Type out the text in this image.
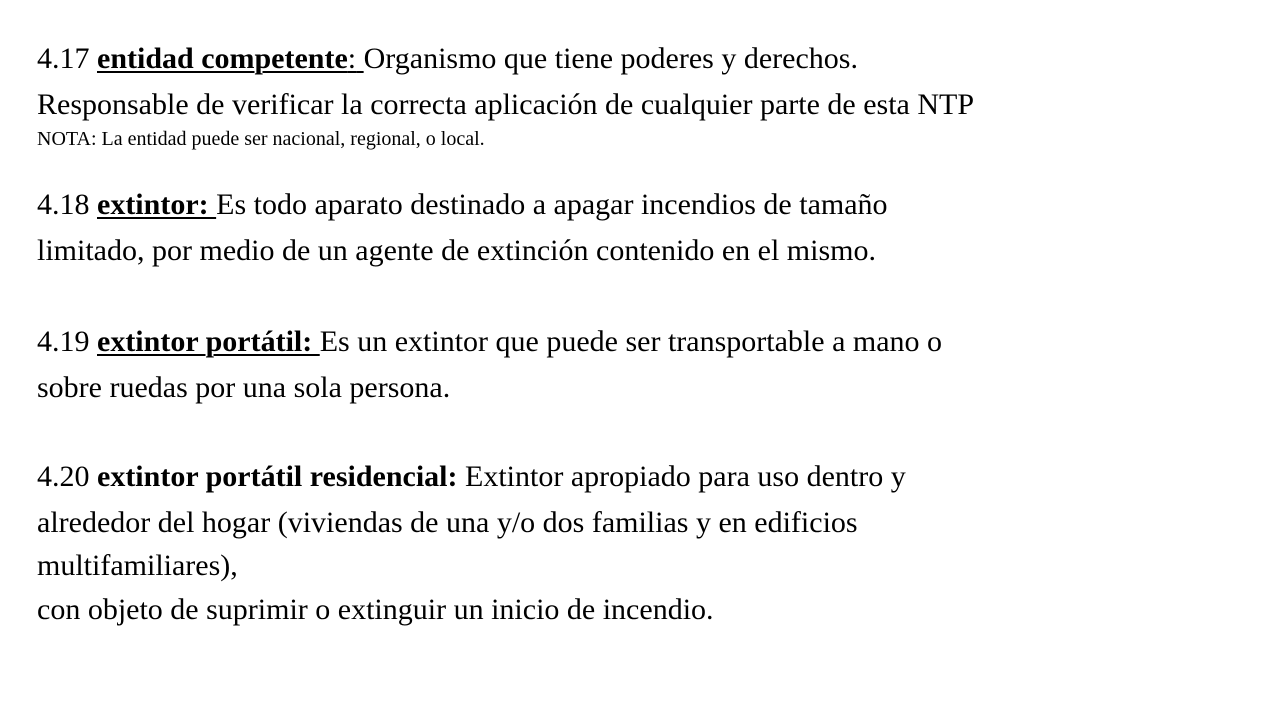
4.17 entidad competente: Organismo que tiene poderes y derechos.
Responsable de verificar la correcta aplicación de cualquier parte de esta NTP
NOTA: La entidad puede ser nacional, regional, o local.
4.18 extintor: Es todo aparato destinado a apagar incendios de tamaño
limitado, por medio de un agente de extinción contenido en el mismo.
4.19 extintor portátil: Es un extintor que puede ser transportable a mano o
sobre ruedas por una sola persona.
4.20 extintor portátil residencial: Extintor apropiado para uso dentro y
alrededor del hogar (viviendas de una y/o dos familias y en edificios
multifamiliares),
con objeto de suprimir o extinguir un inicio de incendio.
